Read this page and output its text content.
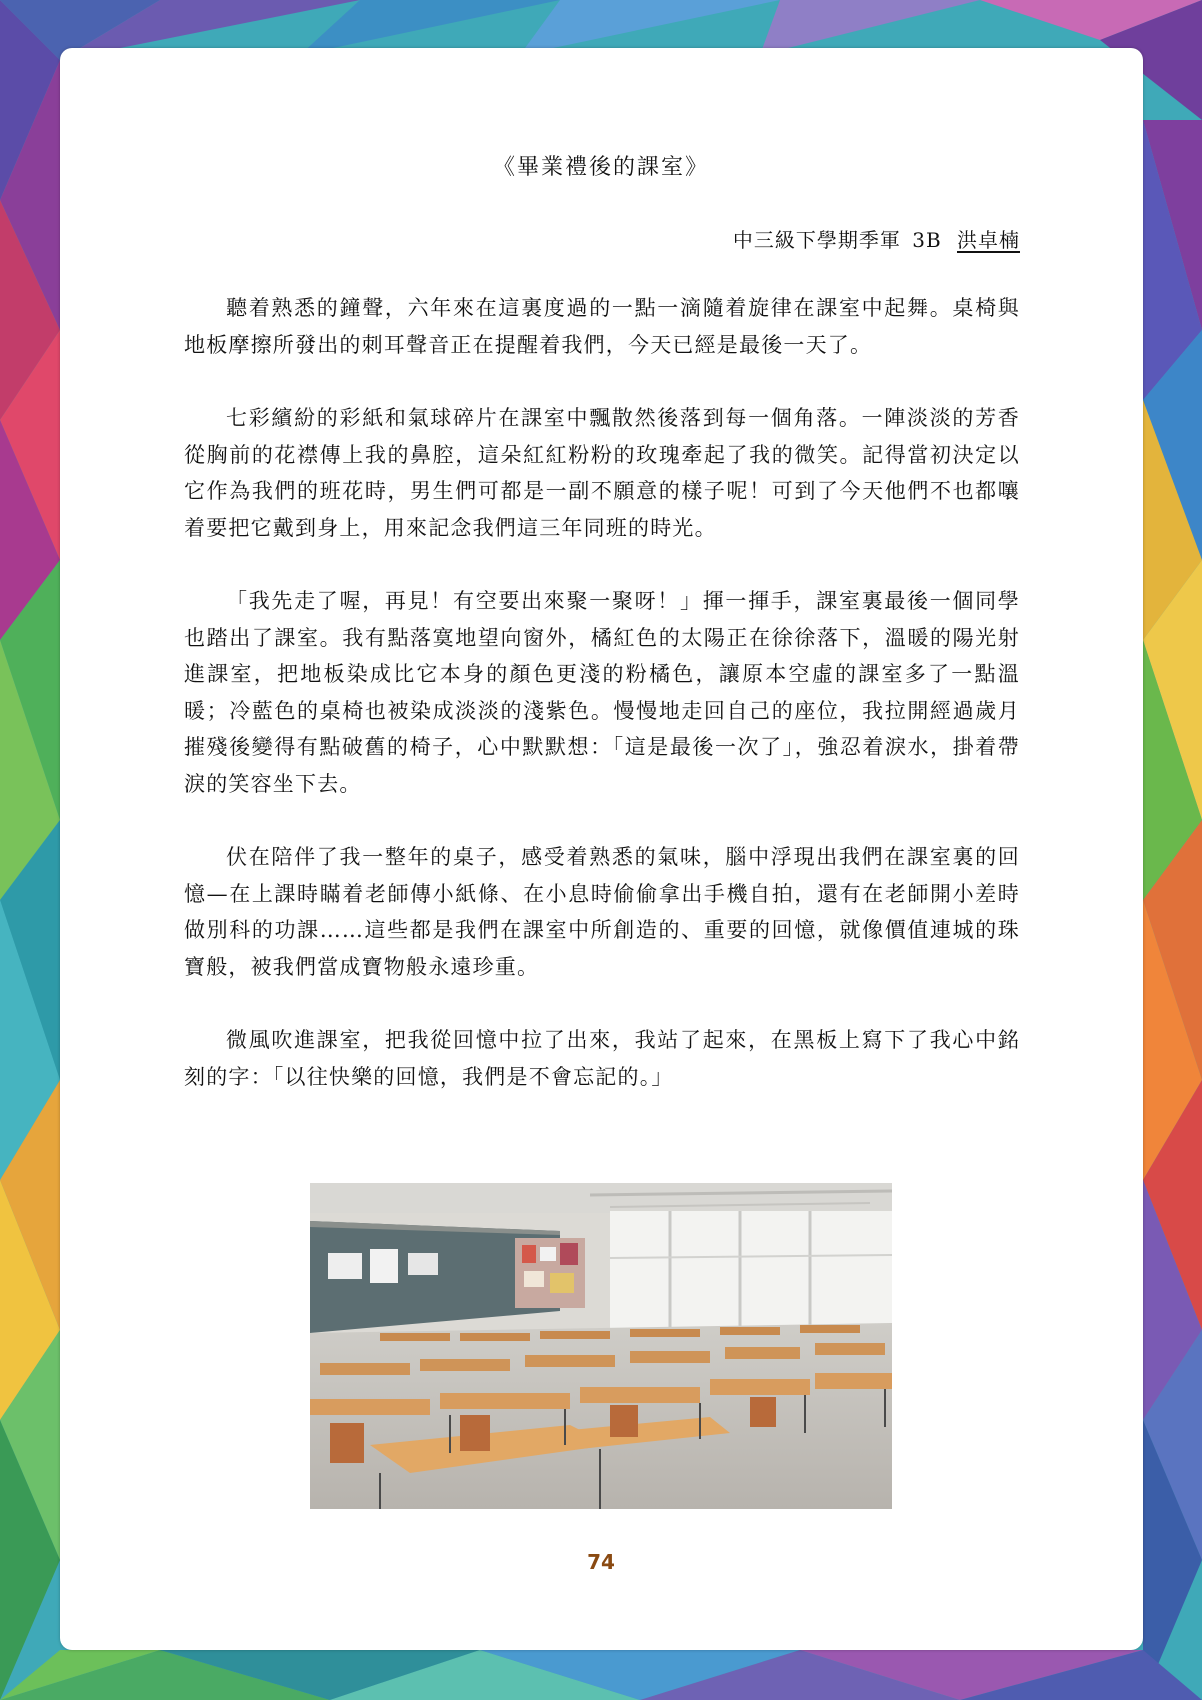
《畢業禮後的課室》
中三級下學期季軍 3B 洪卓楠

聽着熟悉的鐘聲，六年來在這裏度過的一點一滴隨着旋律在課室中起舞。桌椅與地板摩擦所發出的刺耳聲音正在提醒着我們，今天已經是最後一天了。

七彩繽紛的彩紙和氣球碎片在課室中飄散然後落到每一個角落。一陣淡淡的芳香從胸前的花襟傳上我的鼻腔，這朵紅紅粉粉的玫瑰牽起了我的微笑。記得當初決定以它作為我們的班花時，男生們可都是一副不願意的樣子呢！可到了今天他們不也都嚷着要把它戴到身上，用來記念我們這三年同班的時光。

「我先走了喔，再見！有空要出來聚一聚呀！」揮一揮手，課室裏最後一個同學也踏出了課室。我有點落寞地望向窗外，橘紅色的太陽正在徐徐落下，溫暖的陽光射進課室，把地板染成比它本身的顏色更淺的粉橘色，讓原本空虛的課室多了一點溫暖；冷藍色的桌椅也被染成淡淡的淺紫色。慢慢地走回自己的座位，我拉開經過歲月摧殘後變得有點破舊的椅子，心中默默想：「這是最後一次了」，強忍着淚水，掛着帶淚的笑容坐下去。

伏在陪伴了我一整年的桌子，感受着熟悉的氣味，腦中浮現出我們在課室裏的回憶—在上課時瞞着老師傳小紙條、在小息時偷偷拿出手機自拍，還有在老師開小差時做別科的功課……這些都是我們在課室中所創造的、重要的回憶，就像價值連城的珠寶般，被我們當成寶物般永遠珍重。

微風吹進課室，把我從回憶中拉了出來，我站了起來，在黑板上寫下了我心中銘刻的字：「以往快樂的回憶，我們是不會忘記的。」

74
